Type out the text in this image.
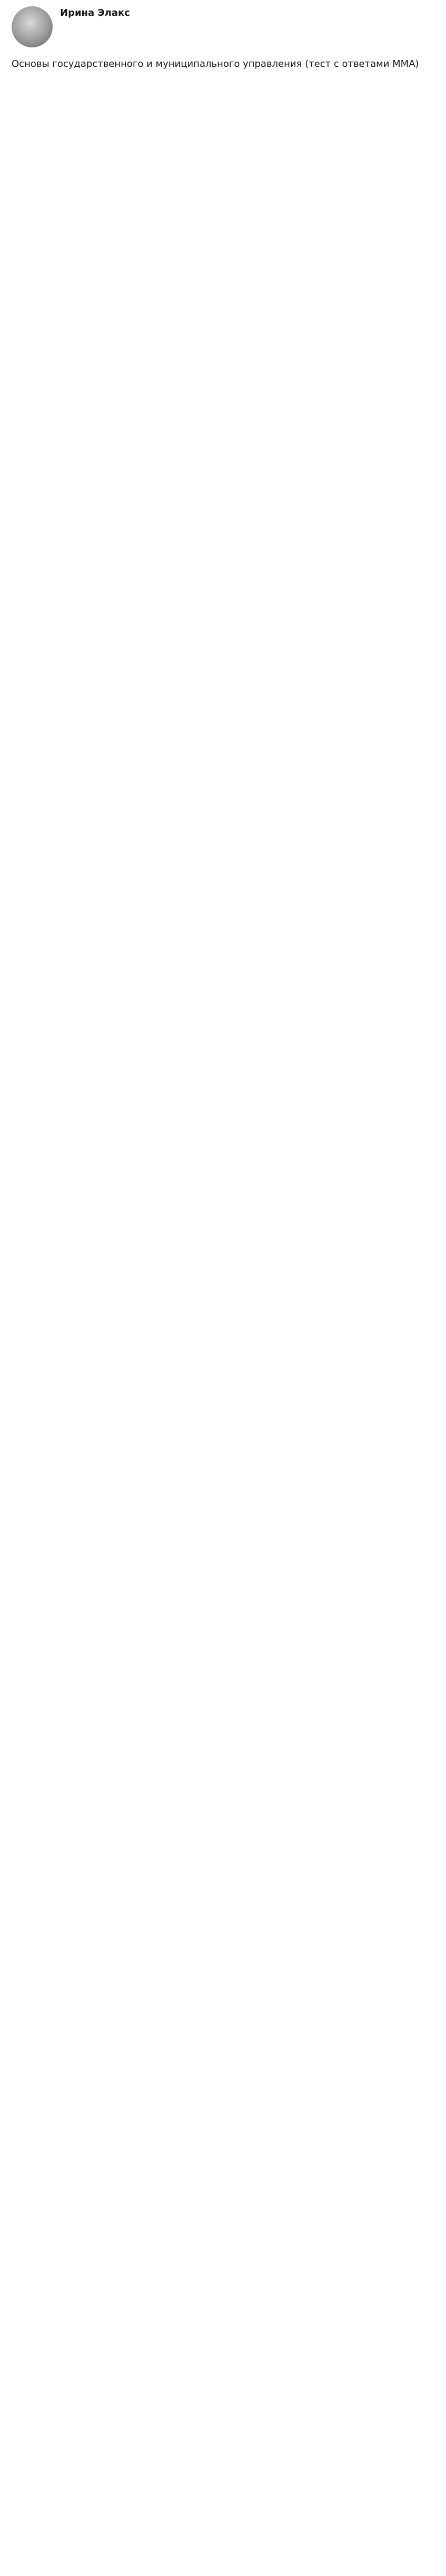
Ирина Элакс
Основы государственного и муниципального управления (тест с ответами ММА)
